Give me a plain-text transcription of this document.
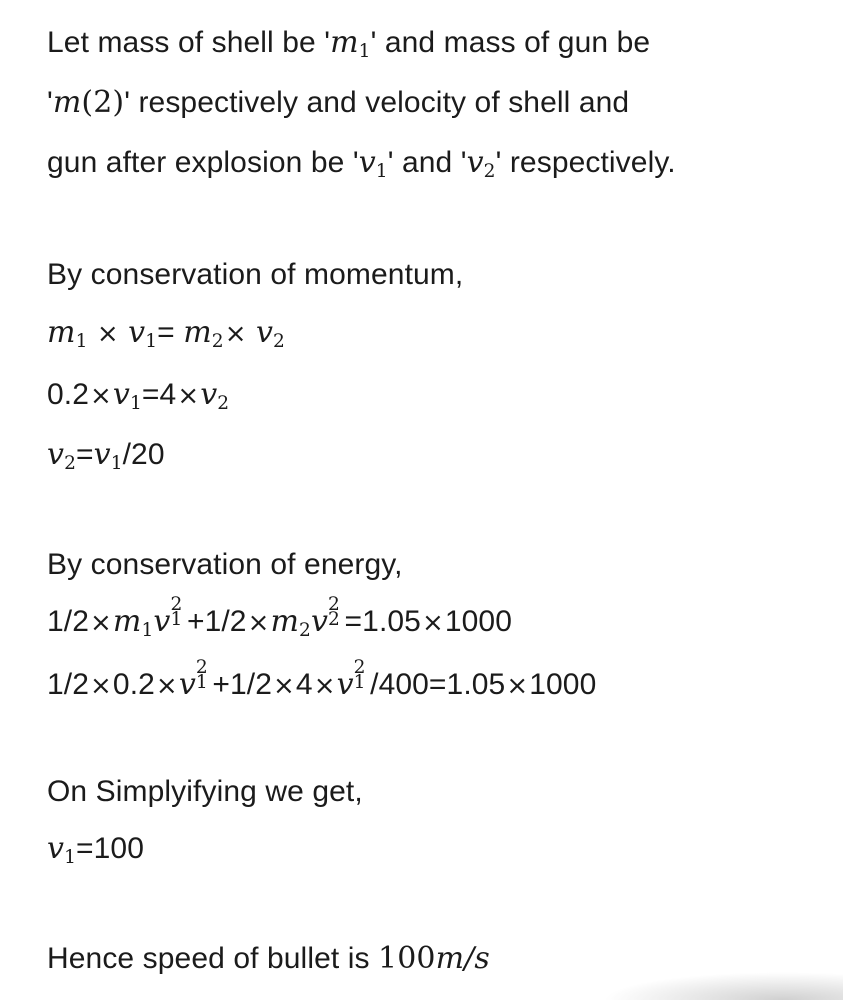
Let mass of shell be '$m_1$' and mass of gun be
'm(2)' respectively and velocity of shell and
gun after explosion be '$v_1$' and '$v_2$' respectively.
By conservation of momentum,
$m_1 \times v_1= m_2\times v_2$
$0.2\times v_1=4\times v_2$
$v_2=v_1/20$
By conservation of energy,
$1/2\times m_1v$ 2
$1 +1/2\times m_2v$ 2
2 =1.05×1000
1/2×0.2×v 2
1 +1/2×4×v 2
1 /400=1.05×1000
On Simplyifying we get,
$v_1=100$
Hence speed of bullet is 100m/s
